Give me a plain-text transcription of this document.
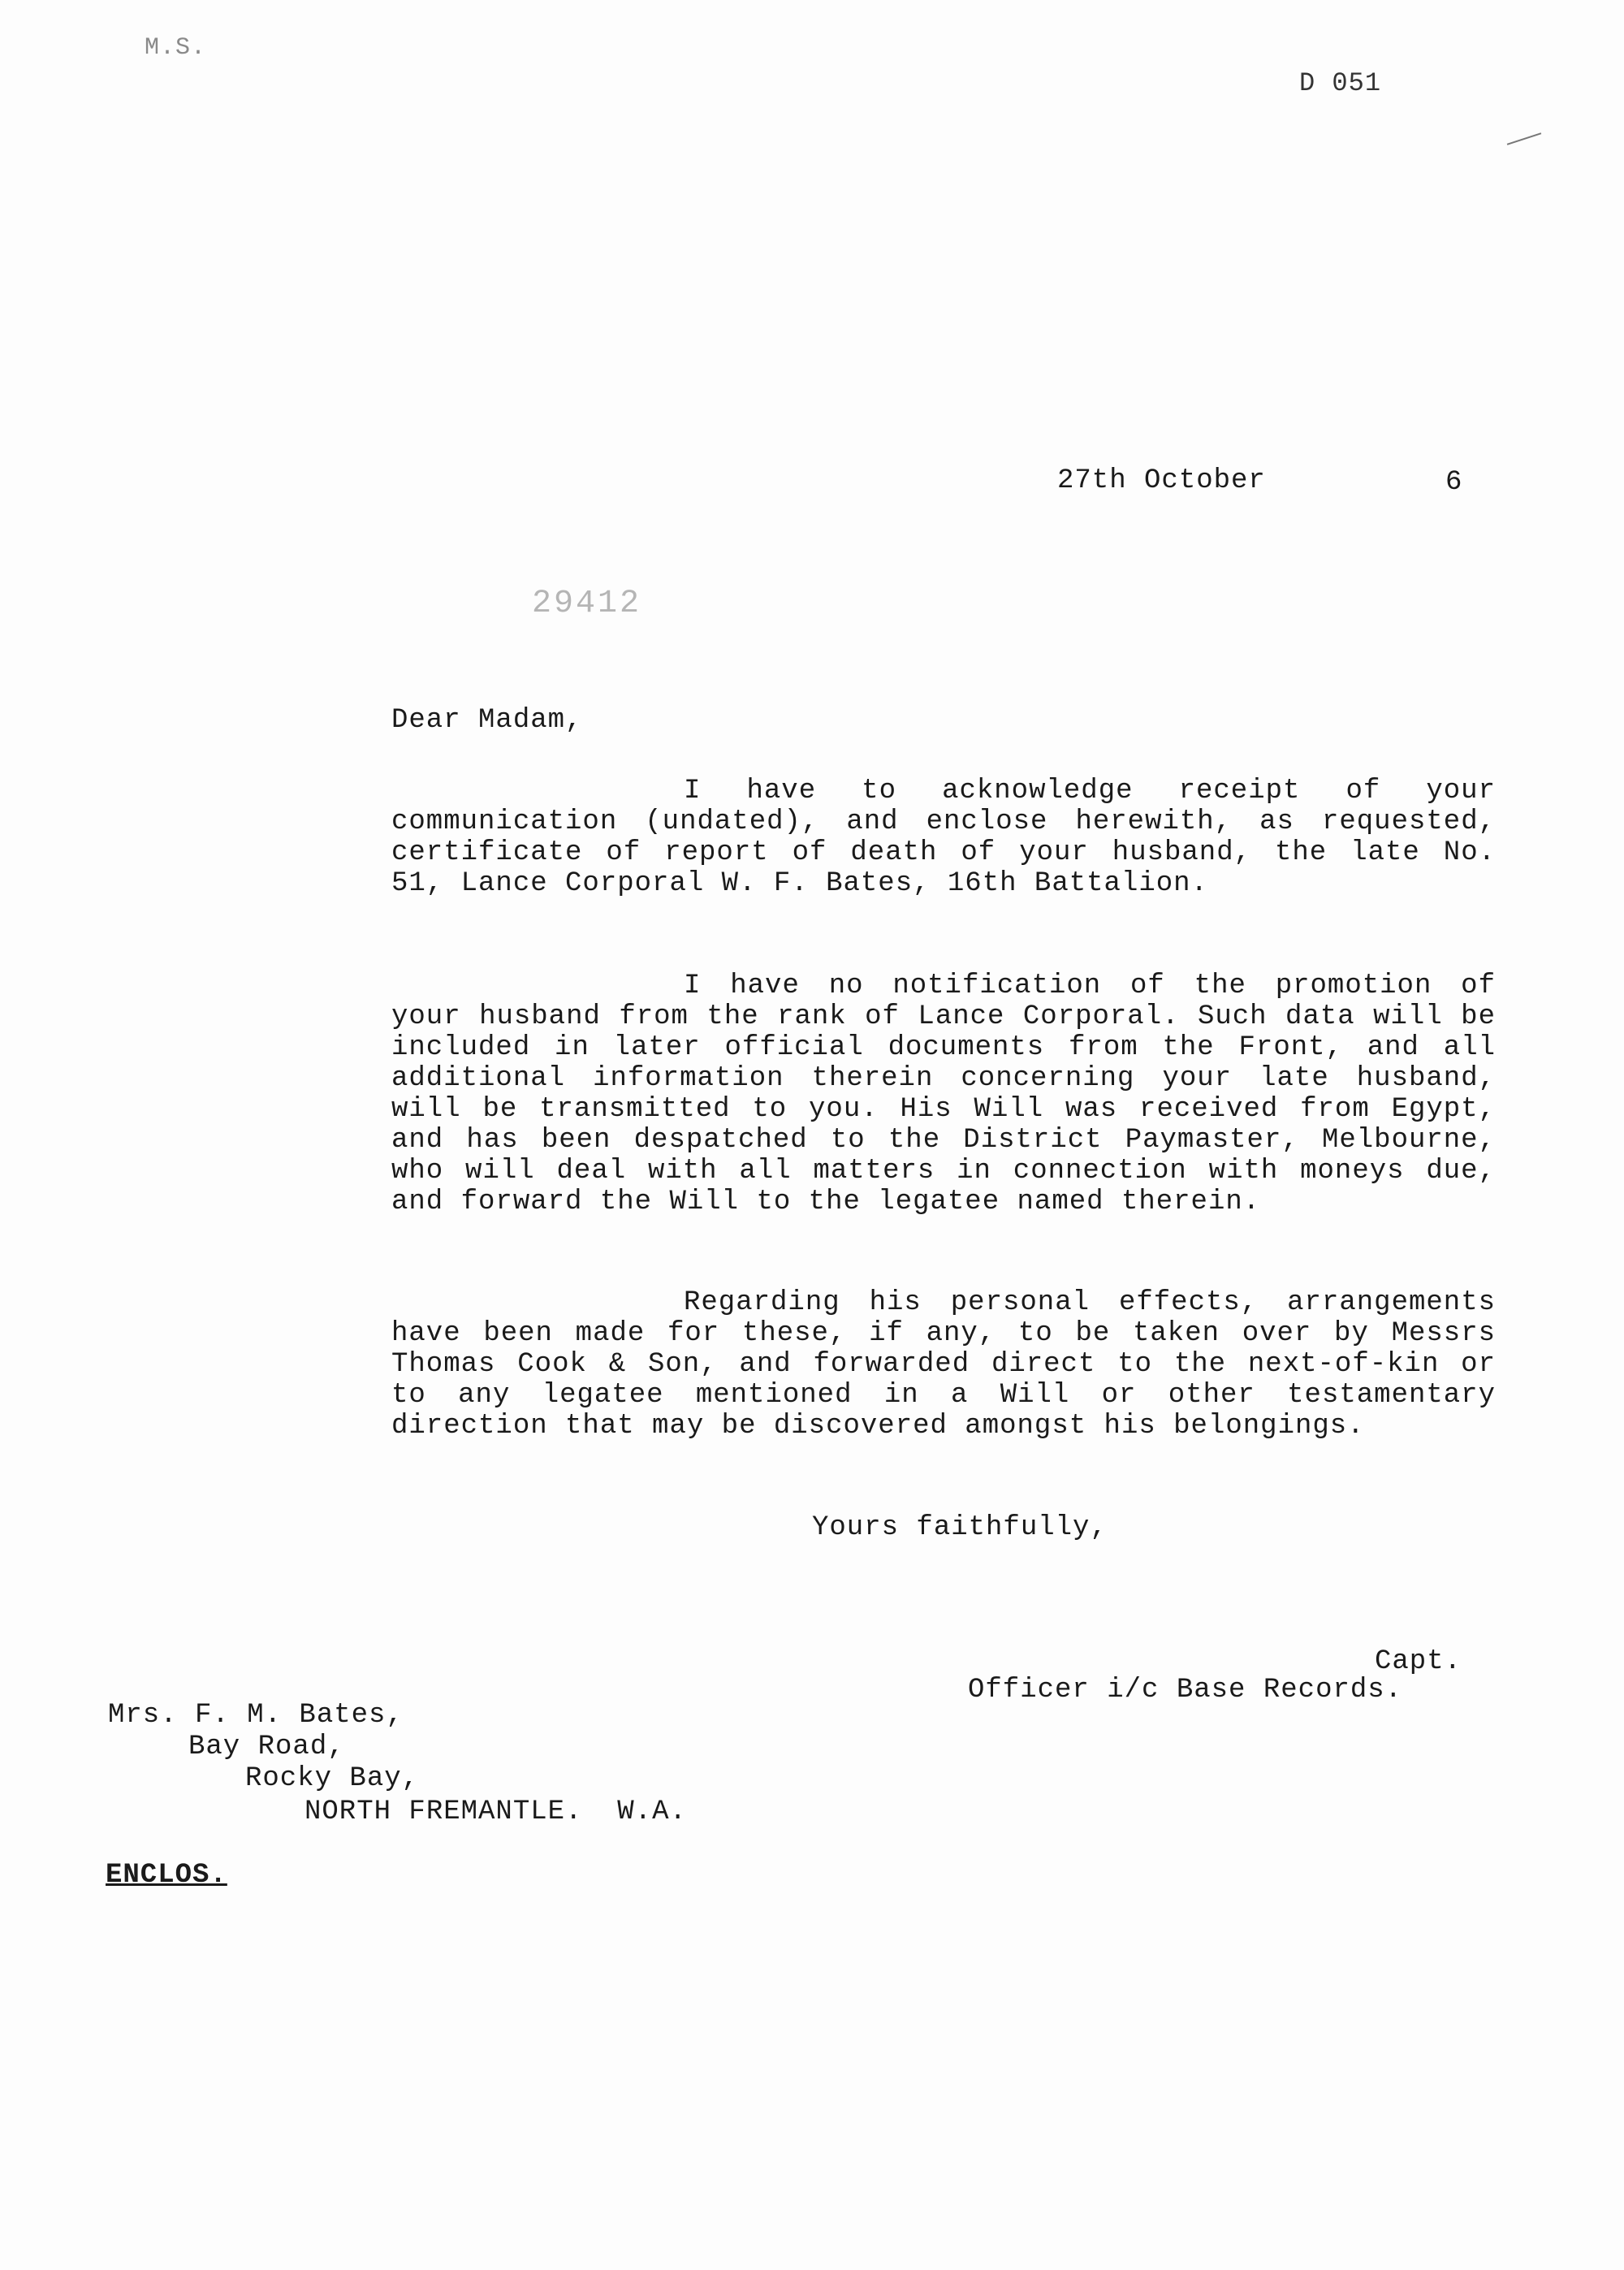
M.S.
D 051
27th October	6
29412
Dear Madam,

I have to acknowledge receipt of your communication (undated), and enclose herewith, as requested, certificate of report of death of your husband, the late No. 51, Lance Corporal W. F. Bates, 16th Battalion.

I have no notification of the promotion of your husband from the rank of Lance Corporal. Such data will be included in later official documents from the Front, and all additional information therein concerning your late husband, will be transmitted to you. His Will was received from Egypt, and has been despatched to the District Paymaster, Melbourne, who will deal with all matters in connection with moneys due, and forward the Will to the legatee named therein.

Regarding his personal effects, arrangements have been made for these, if any, to be taken over by Messrs Thomas Cook & Son, and forwarded direct to the next-of-kin or to any legatee mentioned in a Will or other testamentary direction that may be discovered amongst his belongings.

Yours faithfully,
Capt.
Officer i/c Base Records.
Mrs. F. M. Bates,
Bay Road,
Rocky Bay,
NORTH FREMANTLE.  W.A.
ENCLOS.
